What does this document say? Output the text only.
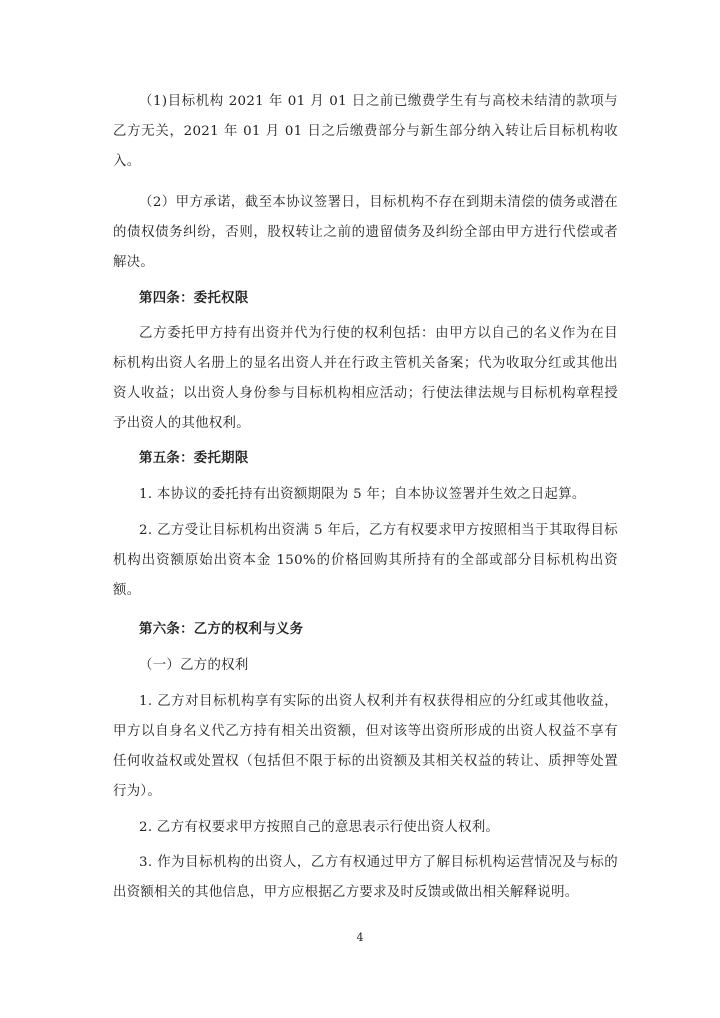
（1)目标机构 2021 年 01 月 01 日之前已缴费学生有与高校未结清的款项与乙方无关，2021 年 01 月 01 日之后缴费部分与新生部分纳入转让后目标机构收入。

（2）甲方承诺，截至本协议签署日，目标机构不存在到期未清偿的债务或潜在的债权债务纠纷，否则，股权转让之前的遗留债务及纠纷全部由甲方进行代偿或者解决。

第四条：委托权限

乙方委托甲方持有出资并代为行使的权利包括：由甲方以自己的名义作为在目标机构出资人名册上的显名出资人并在行政主管机关备案；代为收取分红或其他出资人收益；以出资人身份参与目标机构相应活动；行使法律法规与目标机构章程授予出资人的其他权利。

第五条：委托期限

1. 本协议的委托持有出资额期限为 5 年；自本协议签署并生效之日起算。

2. 乙方受让目标机构出资满 5 年后，乙方有权要求甲方按照相当于其取得目标机构出资额原始出资本金 150%的价格回购其所持有的全部或部分目标机构出资额。

第六条：乙方的权利与义务

（一）乙方的权利

1. 乙方对目标机构享有实际的出资人权利并有权获得相应的分红或其他收益，甲方以自身名义代乙方持有相关出资额，但对该等出资所形成的出资人权益不享有任何收益权或处置权（包括但不限于标的出资额及其相关权益的转让、质押等处置行为）。

2. 乙方有权要求甲方按照自己的意思表示行使出资人权利。

3. 作为目标机构的出资人，乙方有权通过甲方了解目标机构运营情况及与标的出资额相关的其他信息，甲方应根据乙方要求及时反馈或做出相关解释说明。

4
